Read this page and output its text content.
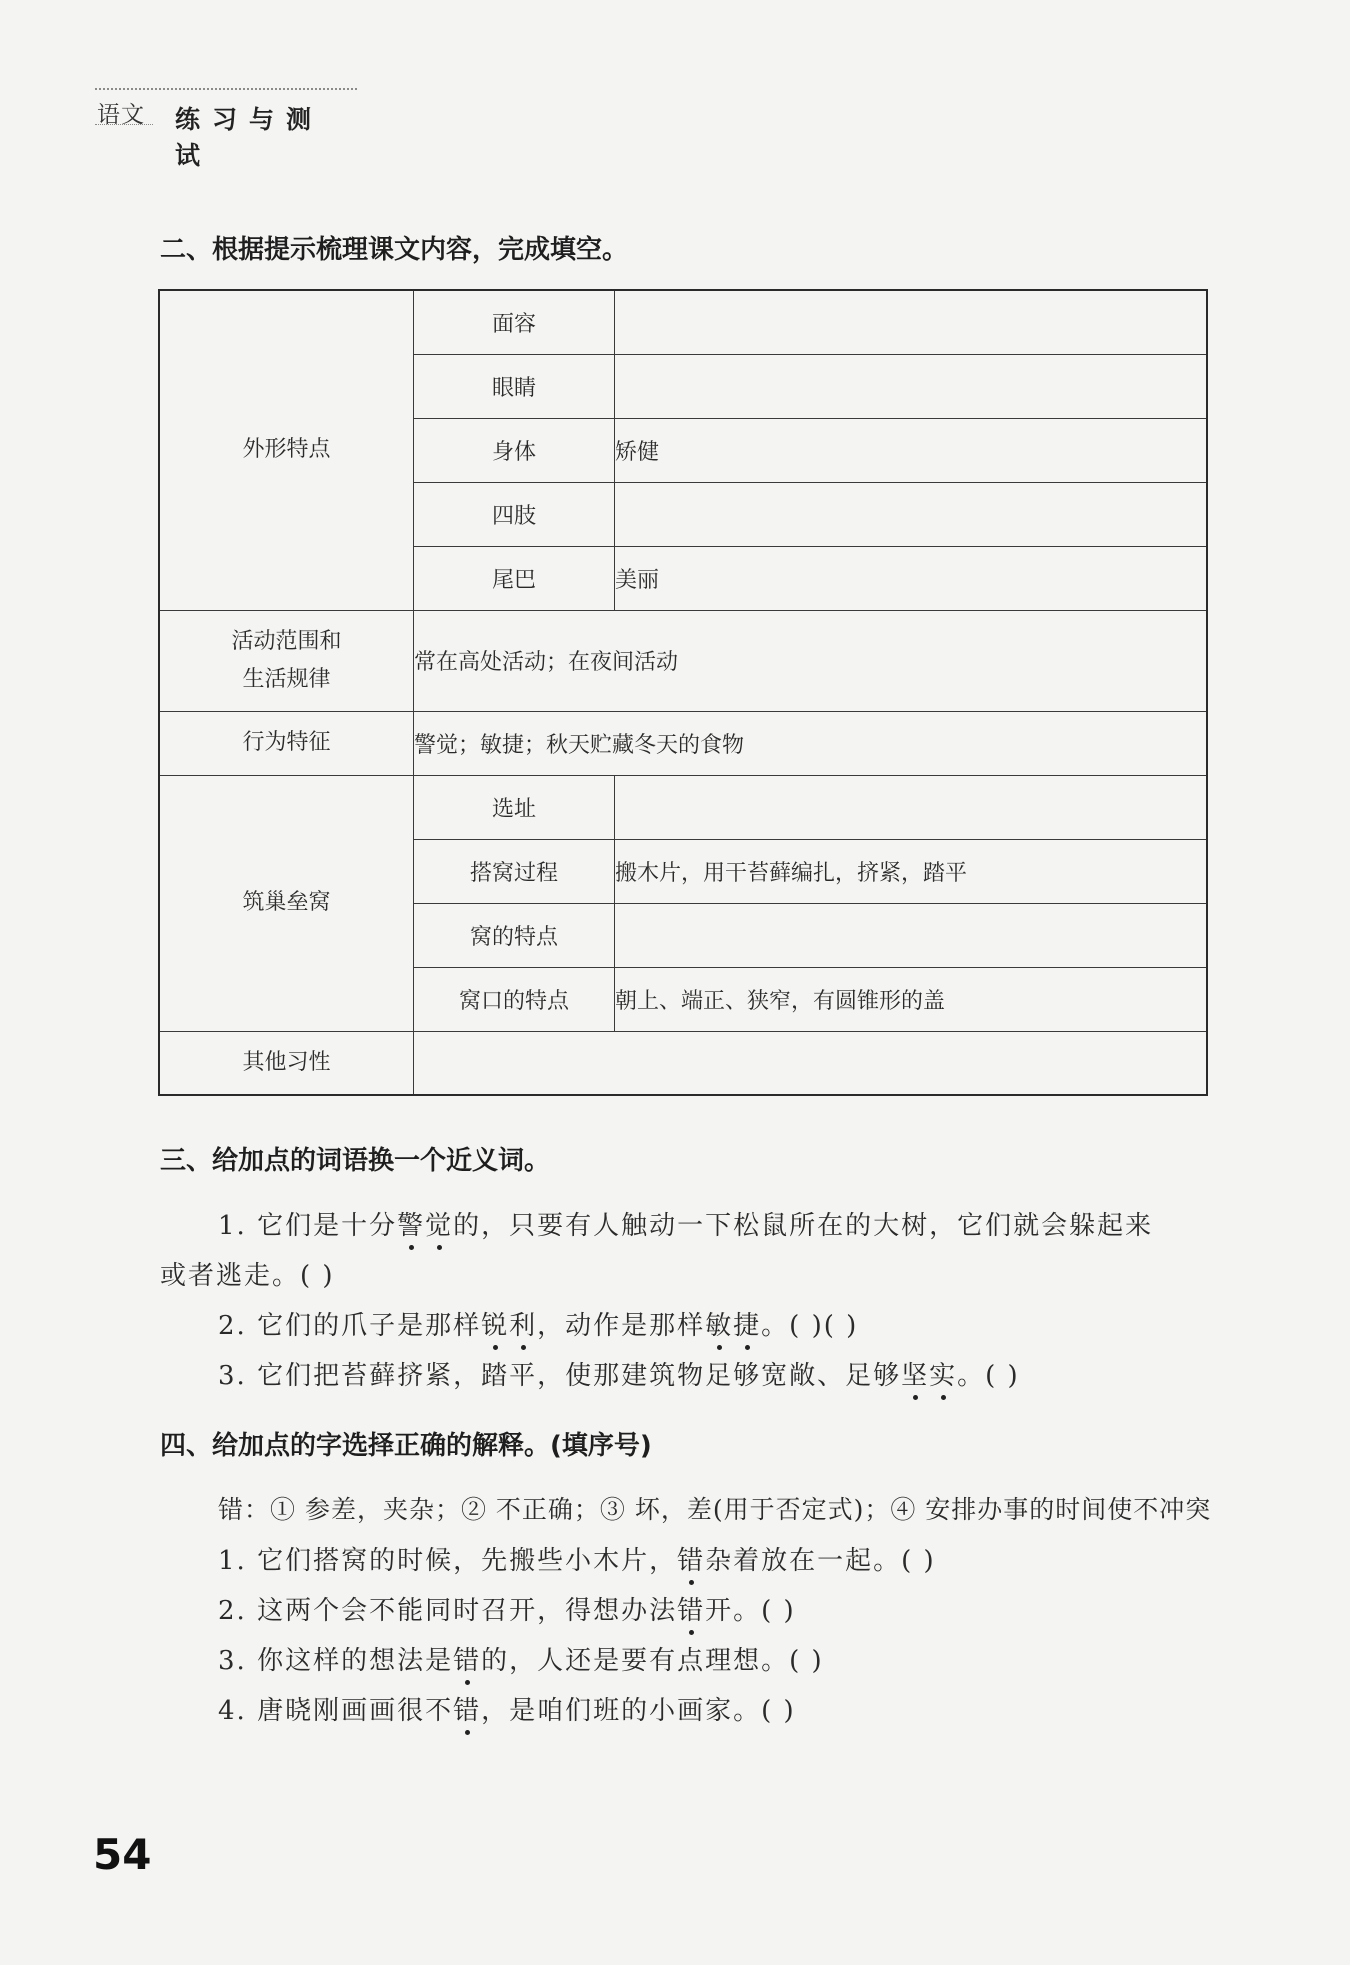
语文 练习与测试
二、根据提示梳理课文内容，完成填空。
外形特点	面容	
	眼睛	
	身体	矫健
	四肢	
	尾巴	美丽

活动范围和
生活规律	常在高处活动；在夜间活动	
行为特征	警觉；敏捷；秋天贮藏冬天的食物	
筑巢垒窝	选址	
	搭窝过程	搬木片，用干苔藓编扎，挤紧，踏平
	窝的特点	
	窝口的特点	朝上、端正、狭窄，有圆锥形的盖
其他习性		
三、给加点的词语换一个近义词。
1. 它们是十分警觉的，只要有人触动一下松鼠所在的大树，它们就会躲起来
或者逃走。( )
2. 它们的爪子是那样锐利，动作是那样敏捷。( )( )
3. 它们把苔藓挤紧，踏平，使那建筑物足够宽敞、足够坚实。( )
四、给加点的字选择正确的解释。(填序号)
错：① 参差，夹杂；② 不正确；③ 坏，差(用于否定式)；④ 安排办事的时间使不冲突
1. 它们搭窝的时候，先搬些小木片，错杂着放在一起。( )
2. 这两个会不能同时召开，得想办法错开。( )
3. 你这样的想法是错的，人还是要有点理想。( )
4. 唐晓刚画画很不错，是咱们班的小画家。( )
54
